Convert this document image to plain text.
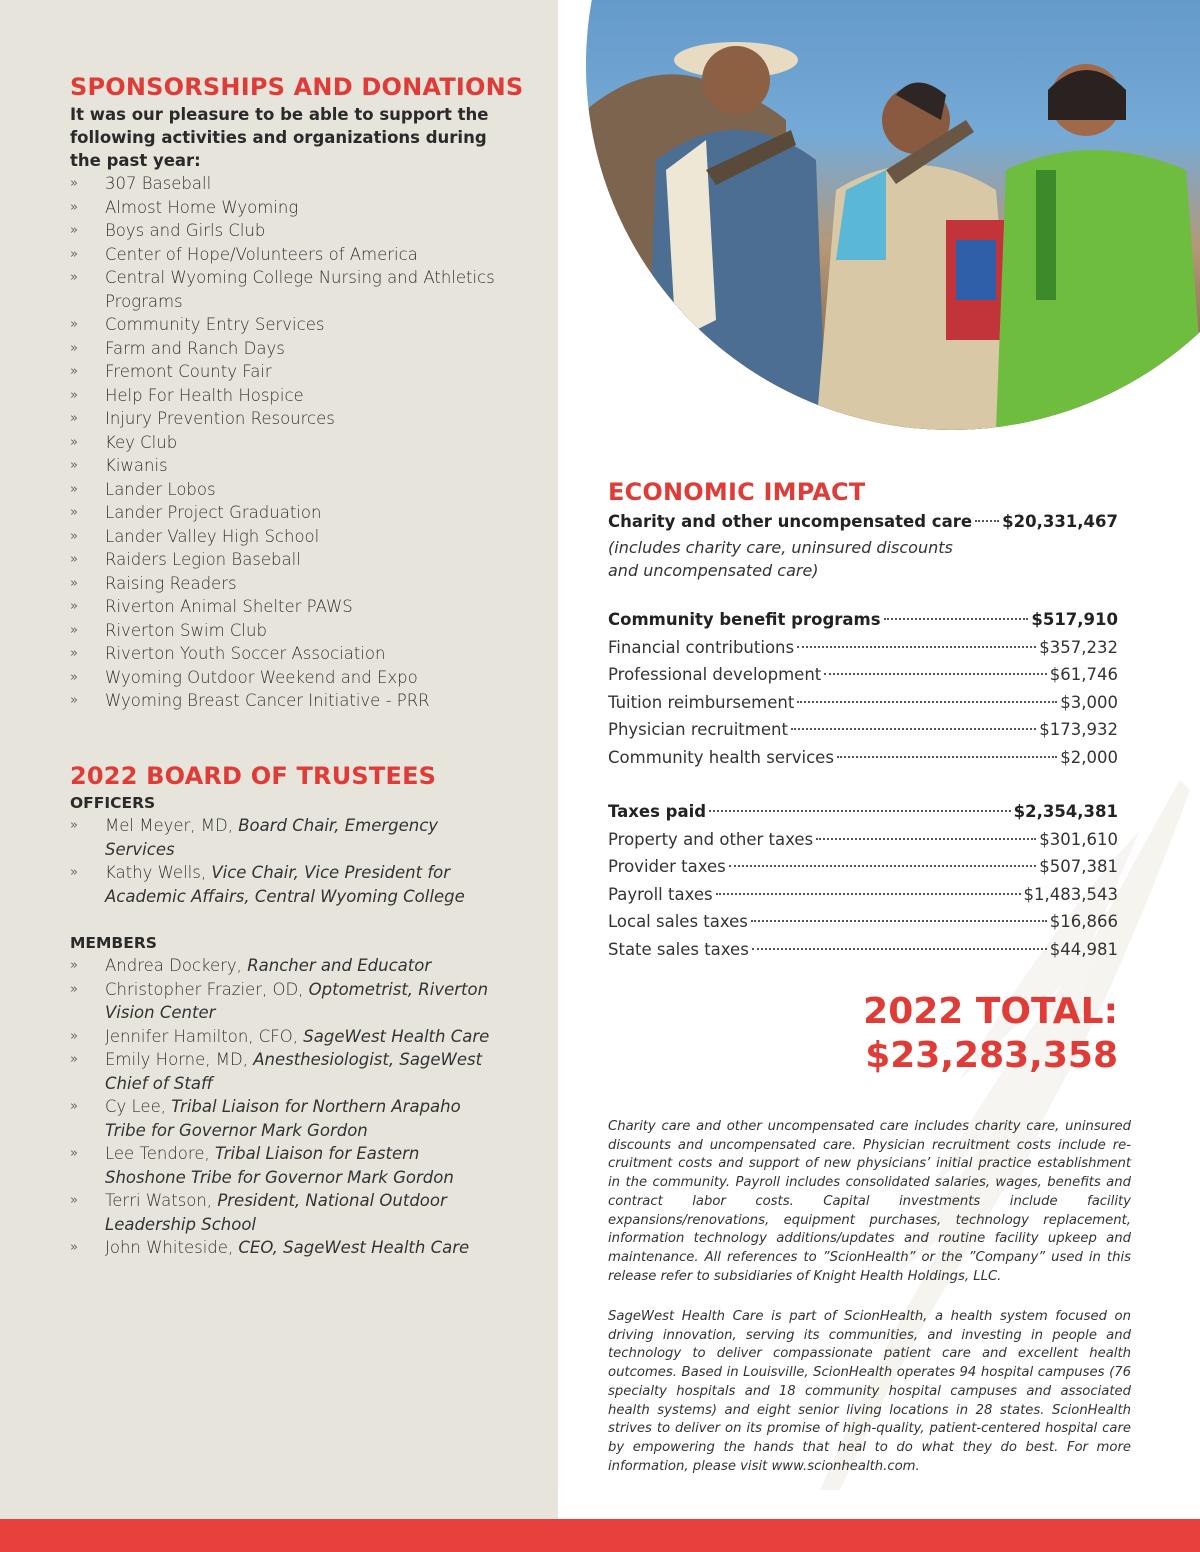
SPONSORSHIPS AND DONATIONS

It was our pleasure to be able to support the following activities and organizations during the past year:

» 307 Baseball
» Almost Home Wyoming
» Boys and Girls Club
» Center of Hope/Volunteers of America
» Central Wyoming College Nursing and Athletics Programs
» Community Entry Services
» Farm and Ranch Days
» Fremont County Fair
» Help For Health Hospice
» Injury Prevention Resources
» Key Club
» Kiwanis
» Lander Lobos
» Lander Project Graduation
» Lander Valley High School
» Raiders Legion Baseball
» Raising Readers
» Riverton Animal Shelter PAWS
» Riverton Swim Club
» Riverton Youth Soccer Association
» Wyoming Outdoor Weekend and Expo
» Wyoming Breast Cancer Initiative - PRR
2022 BOARD OF TRUSTEES

OFFICERS

» Mel Meyer, MD, Board Chair, Emergency Services
» Kathy Wells, Vice Chair, Vice President for Academic Affairs, Central Wyoming College

MEMBERS

» Andrea Dockery, Rancher and Educator
» Christopher Frazier, OD, Optometrist, Riverton Vision Center
» Jennifer Hamilton, CFO, SageWest Health Care
» Emily Horne, MD, Anesthesiologist, SageWest Chief of Staff
» Cy Lee, Tribal Liaison for Northern Arapaho Tribe for Governor Mark Gordon
» Lee Tendore, Tribal Liaison for Eastern Shoshone Tribe for Governor Mark Gordon
» Terri Watson, President, National Outdoor Leadership School
» John Whiteside, CEO, SageWest Health Care
ECONOMIC IMPACT
Charity and other uncompensated care $20,331,467

(includes charity care, uninsured discounts

and uncompensated care)

Community benefit programs	$517,910
Financial contributions	$357,232
Professional development	$61,746
Tuition reimbursement	$3,000
Physician recruitment	$173,932
Community health services	$2,000
Taxes paid	$2,354,381
Property and other taxes	$301,610
Provider taxes	$507,381
Payroll taxes	$1,483,543
Local sales taxes	$16,866
State sales taxes	$44,981
2022 TOTAL: $23,283,358

Charity care and other uncompensated care includes charity care, uninsured discounts and uncompensated care. Physician recruitment costs include re-cruitment costs and support of new physicians’ initial practice establishment in the community. Payroll includes consolidated salaries, wages, benefits and contract labor costs. Capital investments include facility expansions/renovations, equipment purchases, technology replacement, information technology additions/updates and routine facility upkeep and maintenance. All references to ”ScionHealth” or the ”Company” used in this release refer to subsidiaries of Knight Health Holdings, LLC.

SageWest Health Care is part of ScionHealth, a health system focused on driving innovation, serving its communities, and investing in people and technology to deliver compassionate patient care and excellent health outcomes. Based in Louisville, ScionHealth operates 94 hospital campuses (76 specialty hospitals and 18 community hospital campuses and associated health systems) and eight senior living locations in 28 states. ScionHealth strives to deliver on its promise of high-quality, patient-centered hospital care by empowering the hands that heal to do what they do best. For more information, please visit www.scionhealth.com.
